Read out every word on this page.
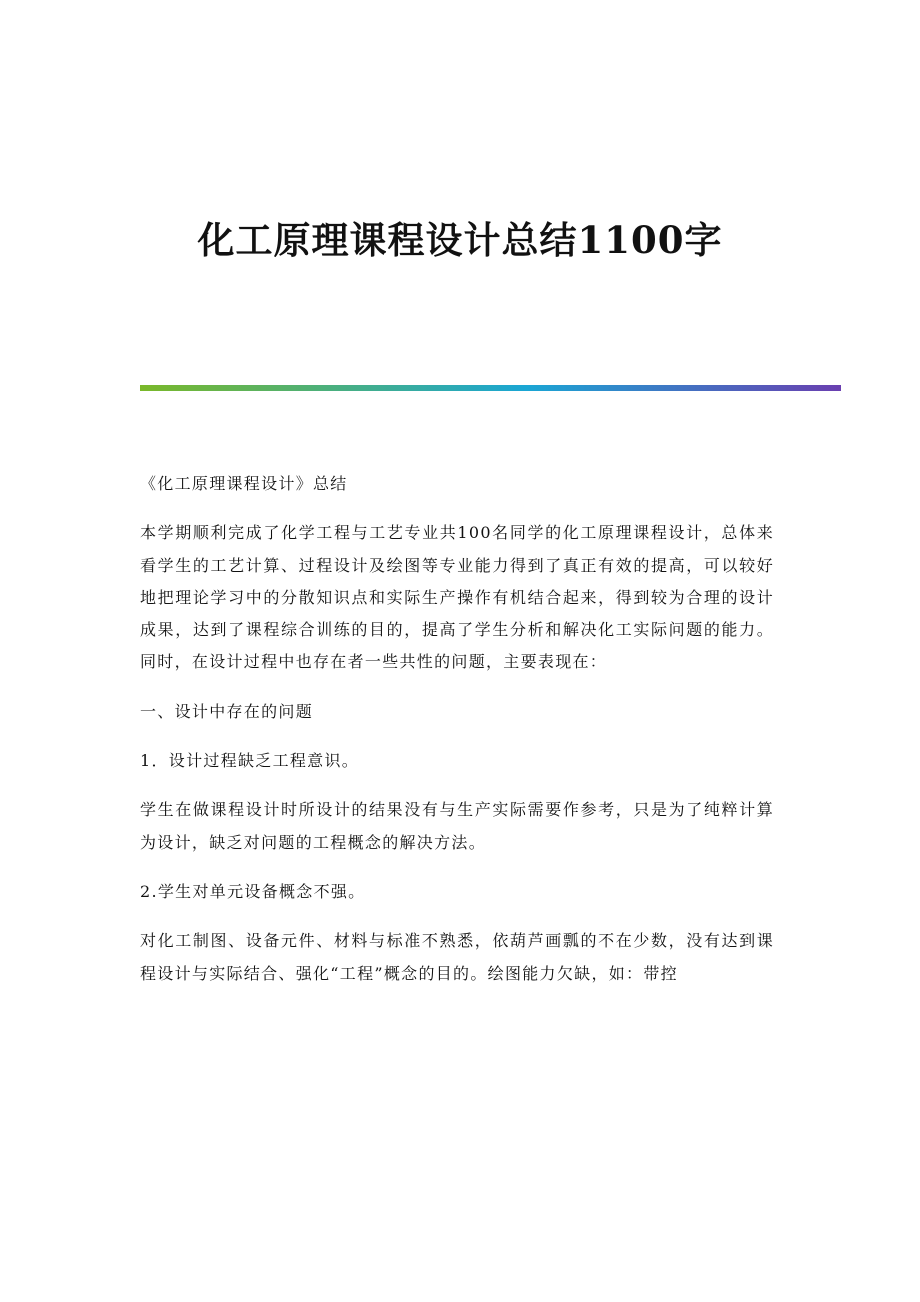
化工原理课程设计总结1100字

《化工原理课程设计》总结

本学期顺利完成了化学工程与工艺专业共100名同学的化工原理课程设计，总体来看学生的工艺计算、过程设计及绘图等专业能力得到了真正有效的提高，可以较好地把理论学习中的分散知识点和实际生产操作有机结合起来，得到较为合理的设计成果，达到了课程综合训练的目的，提高了学生分析和解决化工实际问题的能力。同时，在设计过程中也存在者一些共性的问题，主要表现在：

一、设计中存在的问题

1．设计过程缺乏工程意识。

学生在做课程设计时所设计的结果没有与生产实际需要作参考，只是为了纯粹计算为设计，缺乏对问题的工程概念的解决方法。

2.学生对单元设备概念不强。

对化工制图、设备元件、材料与标准不熟悉，依葫芦画瓢的不在少数，没有达到课程设计与实际结合、强化“工程”概念的目的。绘图能力欠缺，如：带控
